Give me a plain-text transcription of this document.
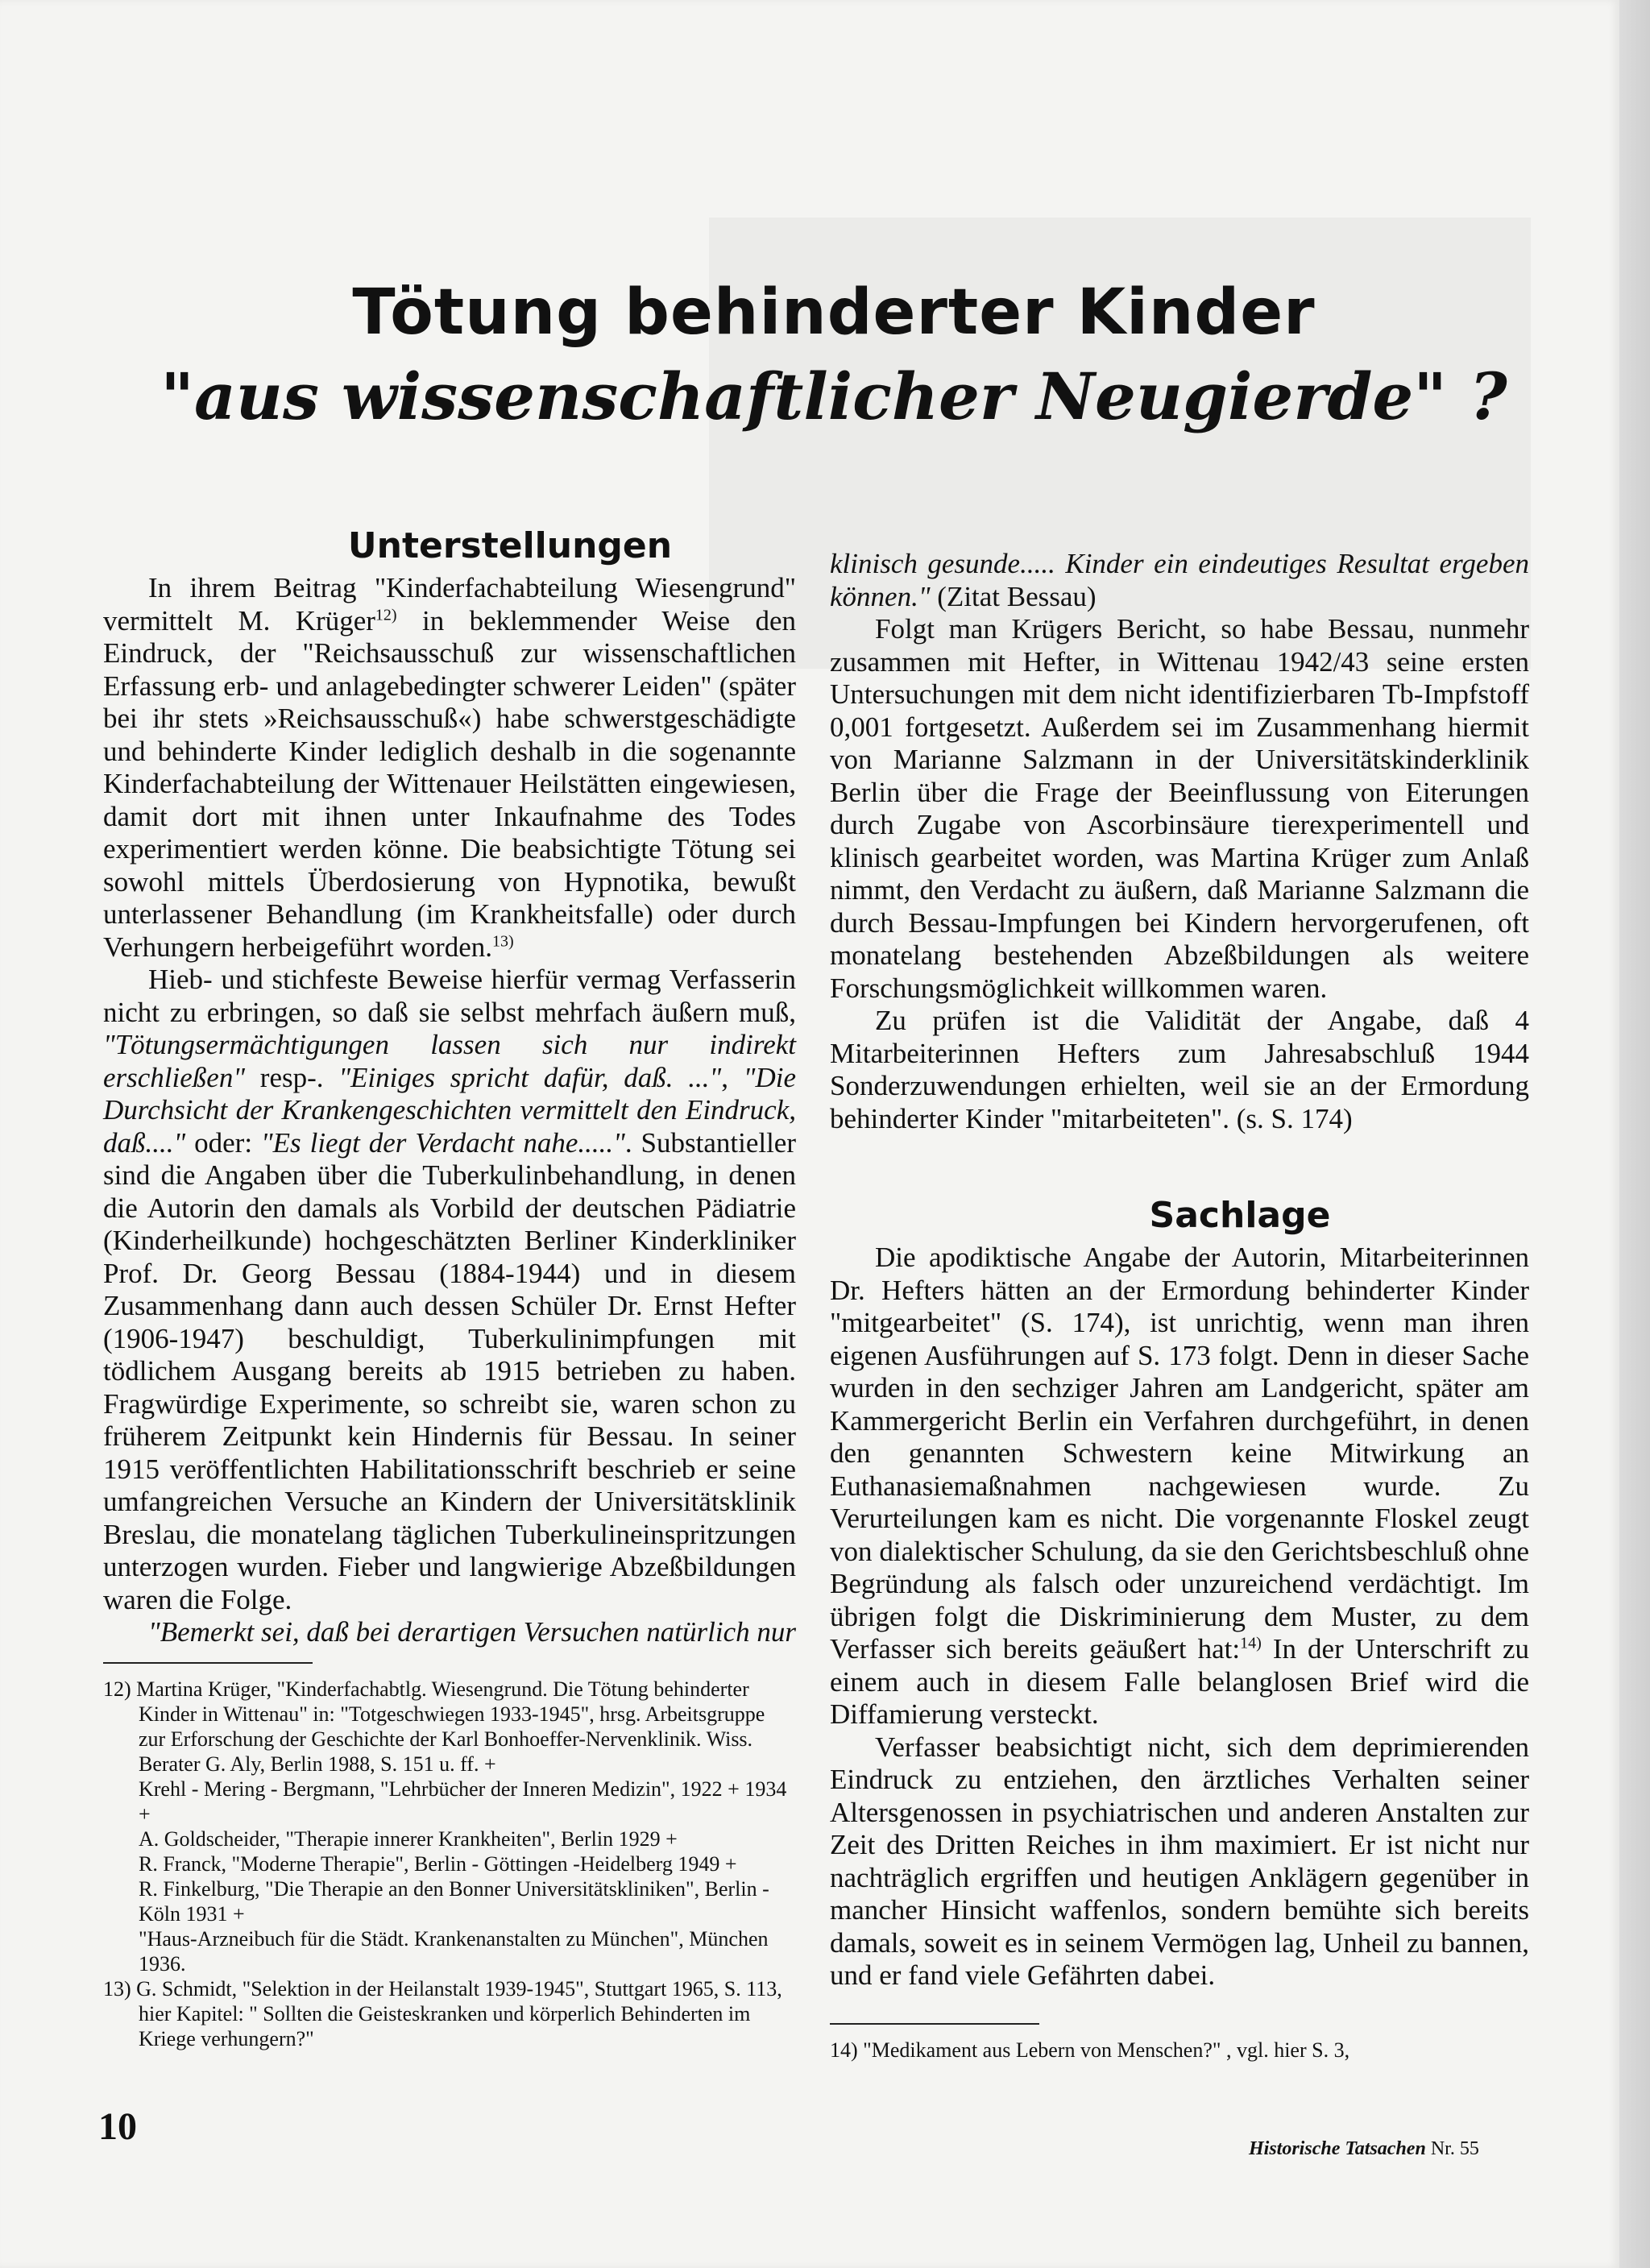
Tötung behinderter Kinder
"aus wissenschaftlicher Neugierde" ?
Unterstellungen

In ihrem Beitrag "Kinderfachabteilung Wiesengrund" vermittelt M. Krüger$^{12)}$ in beklemmender Weise den Eindruck, der "Reichsausschuß zur wissenschaftlichen Erfassung erb- und anlagebedingter schwerer Leiden" (später bei ihr stets »Reichsausschuß«) habe schwerstgeschädigte und behinderte Kinder lediglich deshalb in die sogenannte Kinderfachabteilung der Wittenauer Heilstätten eingewiesen, damit dort mit ihnen unter Inkaufnahme des Todes experimentiert werden könne. Die beabsichtigte Tötung sei sowohl mittels Überdosierung von Hypnotika, bewußt unterlassener Behandlung (im Krankheitsfalle) oder durch Verhungern herbeigeführt worden.$^{13)}$

Hieb- und stichfeste Beweise hierfür vermag Verfasserin nicht zu erbringen, so daß sie selbst mehrfach äußern muß, "Tötungsermächtigungen lassen sich nur indirekt erschließen" resp-. "Einiges spricht dafür, daß. ...", "Die Durchsicht der Krankengeschichten vermittelt den Eindruck, daß...." oder: "Es liegt der Verdacht nahe.....". Substantieller sind die Angaben über die Tuberkulinbehandlung, in denen die Autorin den damals als Vorbild der deutschen Pädiatrie (Kinderheilkunde) hochgeschätzten Berliner Kinderkliniker Prof. Dr. Georg Bessau (1884-1944) und in diesem Zusammenhang dann auch dessen Schüler Dr. Ernst Hefter (1906-1947) beschuldigt, Tuberkulinimpfungen mit tödlichem Ausgang bereits ab 1915 betrieben zu haben. Fragwürdige Experimente, so schreibt sie, waren schon zu früherem Zeitpunkt kein Hindernis für Bessau. In seiner 1915 veröffentlichten Habilitationsschrift beschrieb er seine umfangreichen Versuche an Kindern der Universitätsklinik Breslau, die monatelang täglichen Tuberkulineinspritzungen unterzogen wurden. Fieber und langwierige Abzeßbildungen waren die Folge.

"Bemerkt sei, daß bei derartigen Versuchen natürlich nur

12) Martina Krüger, "Kinderfachabtlg. Wiesengrund. Die Tötung behinderter Kinder in Wittenau" in: "Totgeschwiegen 1933-1945", hrsg. Arbeitsgruppe zur Erforschung der Geschichte der Karl Bonhoeffer-Nervenklinik. Wiss. Berater G. Aly, Berlin 1988, S. 151 u. ff. +
Krehl - Mering - Bergmann, "Lehrbücher der Inneren Medizin", 1922 + 1934 +
A. Goldscheider, "Therapie innerer Krankheiten", Berlin 1929 +
R. Franck, "Moderne Therapie", Berlin - Göttingen -Heidelberg 1949 +
R. Finkelburg, "Die Therapie an den Bonner Universitätskliniken", Berlin - Köln 1931 +
"Haus-Arzneibuch für die Städt. Krankenanstalten zu München", München 1936.
13) G. Schmidt, "Selektion in der Heilanstalt 1939-1945", Stuttgart 1965, S. 113, hier Kapitel: " Sollten die Geisteskranken und körperlich Behinderten im Kriege verhungern?"

klinisch gesunde..... Kinder ein eindeutiges Resultat ergeben können." (Zitat Bessau)

Folgt man Krügers Bericht, so habe Bessau, nunmehr zusammen mit Hefter, in Wittenau 1942/43 seine ersten Untersuchungen mit dem nicht identifizierbaren Tb-Impfstoff 0,001 fortgesetzt. Außerdem sei im Zusammenhang hiermit von Marianne Salzmann in der Universitätskinderklinik Berlin über die Frage der Beeinflussung von Eiterungen durch Zugabe von Ascorbinsäure tierexperimentell und klinisch gearbeitet worden, was Martina Krüger zum Anlaß nimmt, den Verdacht zu äußern, daß Marianne Salzmann die durch Bessau-Impfungen bei Kindern hervorgerufenen, oft monatelang bestehenden Abzeßbildungen als weitere Forschungsmöglichkeit willkommen waren.

Zu prüfen ist die Validität der Angabe, daß 4 Mitarbeiterinnen Hefters zum Jahresabschluß 1944 Sonderzuwendungen erhielten, weil sie an der Ermordung behinderter Kinder "mitarbeiteten". (s. S. 174)

Sachlage

Die apodiktische Angabe der Autorin, Mitarbeiterinnen Dr. Hefters hätten an der Ermordung behinderter Kinder "mitgearbeitet" (S. 174), ist unrichtig, wenn man ihren eigenen Ausführungen auf S. 173 folgt. Denn in dieser Sache wurden in den sechziger Jahren am Landgericht, später am Kammergericht Berlin ein Verfahren durchgeführt, in denen den genannten Schwestern keine Mitwirkung an Euthanasiemaßnahmen nachgewiesen wurde. Zu Verurteilungen kam es nicht. Die vorgenannte Floskel zeugt von dialektischer Schulung, da sie den Gerichtsbeschluß ohne Begründung als falsch oder unzureichend verdächtigt. Im übrigen folgt die Diskriminierung dem Muster, zu dem Verfasser sich bereits geäußert hat:$^{14)}$ In der Unterschrift zu einem auch in diesem Falle belanglosen Brief wird die Diffamierung versteckt.

Verfasser beabsichtigt nicht, sich dem deprimierenden Eindruck zu entziehen, den ärztliches Verhalten seiner Altersgenossen in psychiatrischen und anderen Anstalten zur Zeit des Dritten Reiches in ihm maximiert. Er ist nicht nur nachträglich ergriffen und heutigen Anklägern gegenüber in mancher Hinsicht waffenlos, sondern bemühte sich bereits damals, soweit es in seinem Vermögen lag, Unheil zu bannen, und er fand viele Gefährten dabei.

14) "Medikament aus Lebern von Menschen?" , vgl. hier S. 3,
10
Historische Tatsachen Nr. 55
